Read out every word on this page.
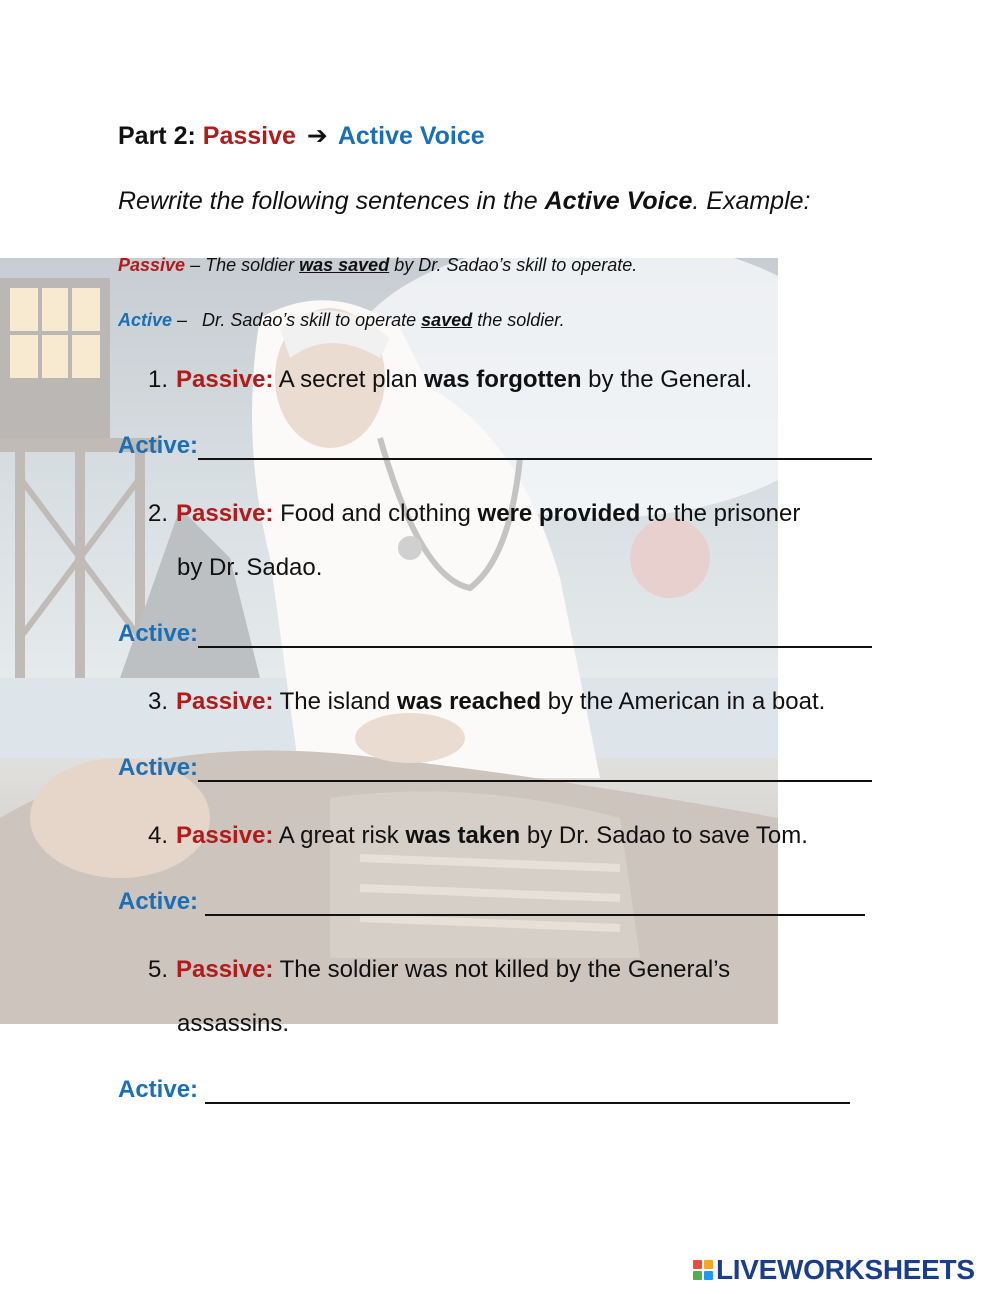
Part 2: Passive ➔ Active Voice
Rewrite the following sentences in the Active Voice. Example:
Passive – The soldier was saved by Dr. Sadao’s skill to operate.
Active –   Dr. Sadao’s skill to operate saved the soldier.
1. Passive: A secret plan was forgotten by the General.
Active:
2. Passive: Food and clothing were provided to the prisoner
by Dr. Sadao.
Active:
3. Passive: The island was reached by the American in a boat.
Active:
4. Passive: A great risk was taken by Dr. Sadao to save Tom.
Active:
5. Passive: The soldier was not killed by the General’s
assassins.
Active:
LIVEWORKSHEETS
